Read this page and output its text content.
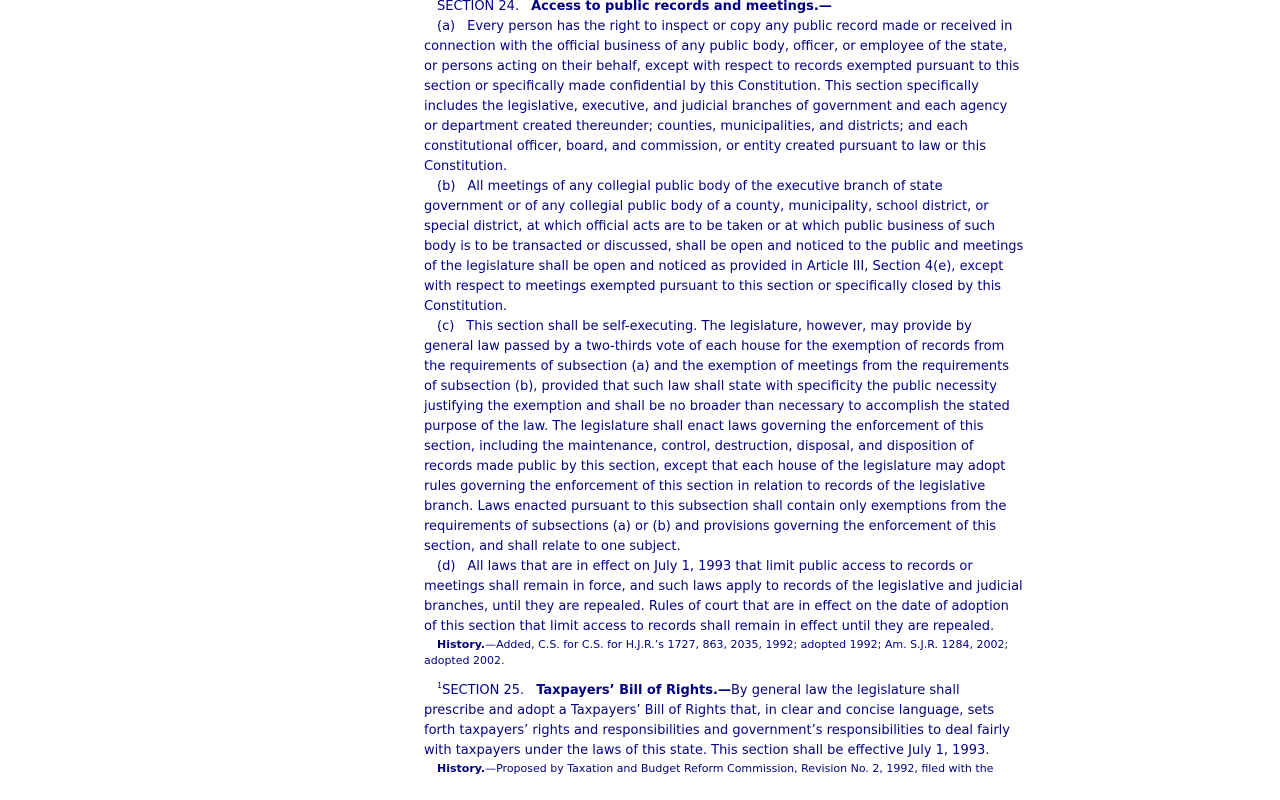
SECTION 24. Access to public records and meetings.—

(a) Every person has the right to inspect or copy any public record made or received in connection with the official business of any public body, officer, or employee of the state, or persons acting on their behalf, except with respect to records exempted pursuant to this section or specifically made confidential by this Constitution. This section specifically includes the legislative, executive, and judicial branches of government and each agency or department created thereunder; counties, municipalities, and districts; and each constitutional officer, board, and commission, or entity created pursuant to law or this Constitution.

(b) All meetings of any collegial public body of the executive branch of state government or of any collegial public body of a county, municipality, school district, or special district, at which official acts are to be taken or at which public business of such body is to be transacted or discussed, shall be open and noticed to the public and meetings of the legislature shall be open and noticed as provided in Article III, Section 4(e), except with respect to meetings exempted pursuant to this section or specifically closed by this Constitution.

(c) This section shall be self-executing. The legislature, however, may provide by general law passed by a two-thirds vote of each house for the exemption of records from the requirements of subsection (a) and the exemption of meetings from the requirements of subsection (b), provided that such law shall state with specificity the public necessity justifying the exemption and shall be no broader than necessary to accomplish the stated purpose of the law. The legislature shall enact laws governing the enforcement of this section, including the maintenance, control, destruction, disposal, and disposition of records made public by this section, except that each house of the legislature may adopt rules governing the enforcement of this section in relation to records of the legislative branch. Laws enacted pursuant to this subsection shall contain only exemptions from the requirements of subsections (a) or (b) and provisions governing the enforcement of this section, and shall relate to one subject.

(d) All laws that are in effect on July 1, 1993 that limit public access to records or meetings shall remain in force, and such laws apply to records of the legislative and judicial branches, until they are repealed. Rules of court that are in effect on the date of adoption of this section that limit access to records shall remain in effect until they are repealed.

History.—Added, C.S. for C.S. for H.J.R.’s 1727, 863, 2035, 1992; adopted 1992; Am. S.J.R. 1284, 2002; adopted 2002.

$^1$SECTION 25. Taxpayers’ Bill of Rights.—By general law the legislature shall prescribe and adopt a Taxpayers’ Bill of Rights that, in clear and concise language, sets forth taxpayers’ rights and responsibilities and government’s responsibilities to deal fairly with taxpayers under the laws of this state. This section shall be effective July 1, 1993.

History.—Proposed by Taxation and Budget Reform Commission, Revision No. 2, 1992, filed with the
